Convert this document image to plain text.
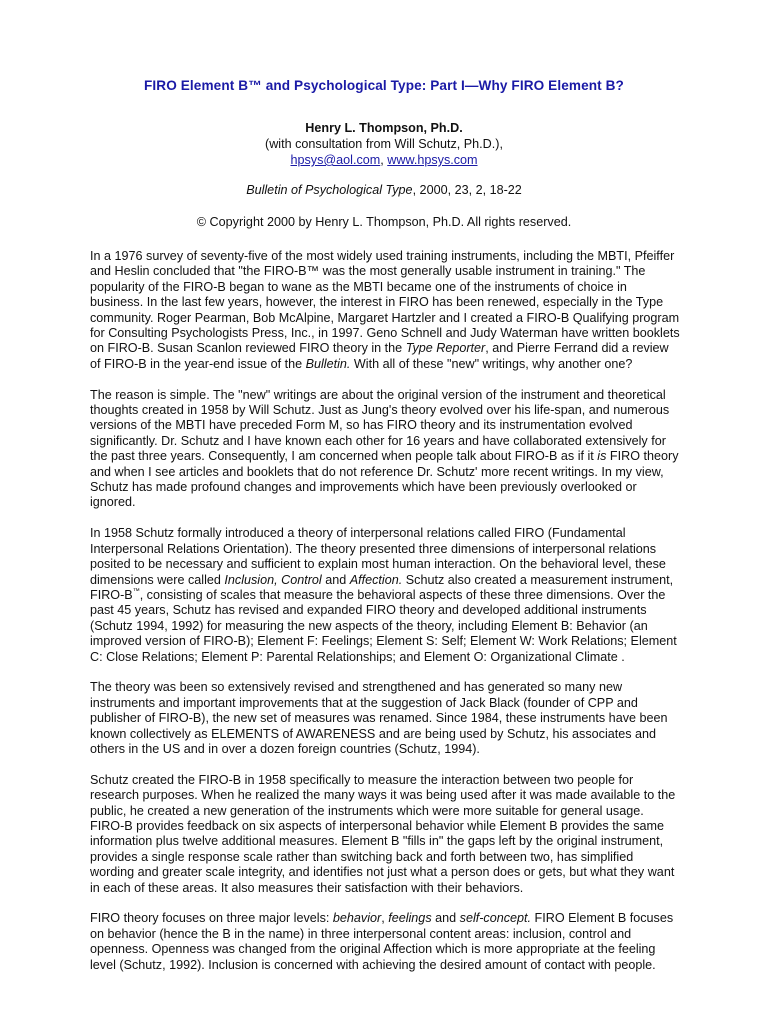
FIRO Element B™ and Psychological Type: Part I—Why FIRO Element B?
Henry L. Thompson, Ph.D.
(with consultation from Will Schutz, Ph.D.),
hpsys@aol.com, www.hpsys.com
Bulletin of Psychological Type, 2000, 23, 2, 18-22
© Copyright 2000 by Henry L. Thompson, Ph.D. All rights reserved.

In a 1976 survey of seventy-five of the most widely used training instruments, including the MBTI, Pfeiffer and Heslin concluded that "the FIRO-B™ was the most generally usable instrument in training." The popularity of the FIRO-B began to wane as the MBTI became one of the instruments of choice in business. In the last few years, however, the interest in FIRO has been renewed, especially in the Type community. Roger Pearman, Bob McAlpine, Margaret Hartzler and I created a FIRO-B Qualifying program for Consulting Psychologists Press, Inc., in 1997. Geno Schnell and Judy Waterman have written booklets on FIRO-B. Susan Scanlon reviewed FIRO theory in the Type Reporter, and Pierre Ferrand did a review of FIRO-B in the year-end issue of the Bulletin. With all of these "new" writings, why another one?

The reason is simple. The "new" writings are about the original version of the instrument and theoretical thoughts created in 1958 by Will Schutz. Just as Jung's theory evolved over his life-span, and numerous versions of the MBTI have preceded Form M, so has FIRO theory and its instrumentation evolved significantly. Dr. Schutz and I have known each other for 16 years and have collaborated extensively for the past three years. Consequently, I am concerned when people talk about FIRO-B as if it is FIRO theory and when I see articles and booklets that do not reference Dr. Schutz' more recent writings. In my view, Schutz has made profound changes and improvements which have been previously overlooked or ignored.

In 1958 Schutz formally introduced a theory of interpersonal relations called FIRO (Fundamental Interpersonal Relations Orientation). The theory presented three dimensions of interpersonal relations posited to be necessary and sufficient to explain most human interaction. On the behavioral level, these dimensions were called Inclusion, Control and Affection. Schutz also created a measurement instrument, FIRO-B™, consisting of scales that measure the behavioral aspects of these three dimensions. Over the past 45 years, Schutz has revised and expanded FIRO theory and developed additional instruments (Schutz 1994, 1992) for measuring the new aspects of the theory, including Element B: Behavior (an improved version of FIRO-B); Element F: Feelings; Element S: Self; Element W: Work Relations; Element C: Close Relations; Element P: Parental Relationships; and Element O: Organizational Climate .

The theory was been so extensively revised and strengthened and has generated so many new instruments and important improvements that at the suggestion of Jack Black (founder of CPP and publisher of FIRO-B), the new set of measures was renamed. Since 1984, these instruments have been known collectively as ELEMENTS of AWARENESS and are being used by Schutz, his associates and others in the US and in over a dozen foreign countries (Schutz, 1994).

Schutz created the FIRO-B in 1958 specifically to measure the interaction between two people for research purposes. When he realized the many ways it was being used after it was made available to the public, he created a new generation of the instruments which were more suitable for general usage. FIRO-B provides feedback on six aspects of interpersonal behavior while Element B provides the same information plus twelve additional measures. Element B "fills in" the gaps left by the original instrument, provides a single response scale rather than switching back and forth between two, has simplified wording and greater scale integrity, and identifies not just what a person does or gets, but what they want in each of these areas. It also measures their satisfaction with their behaviors.

FIRO theory focuses on three major levels: behavior, feelings and self-concept. FIRO Element B focuses on behavior (hence the B in the name) in three interpersonal content areas: inclusion, control and openness. Openness was changed from the original Affection which is more appropriate at the feeling level (Schutz, 1992). Inclusion is concerned with achieving the desired amount of contact with people.
